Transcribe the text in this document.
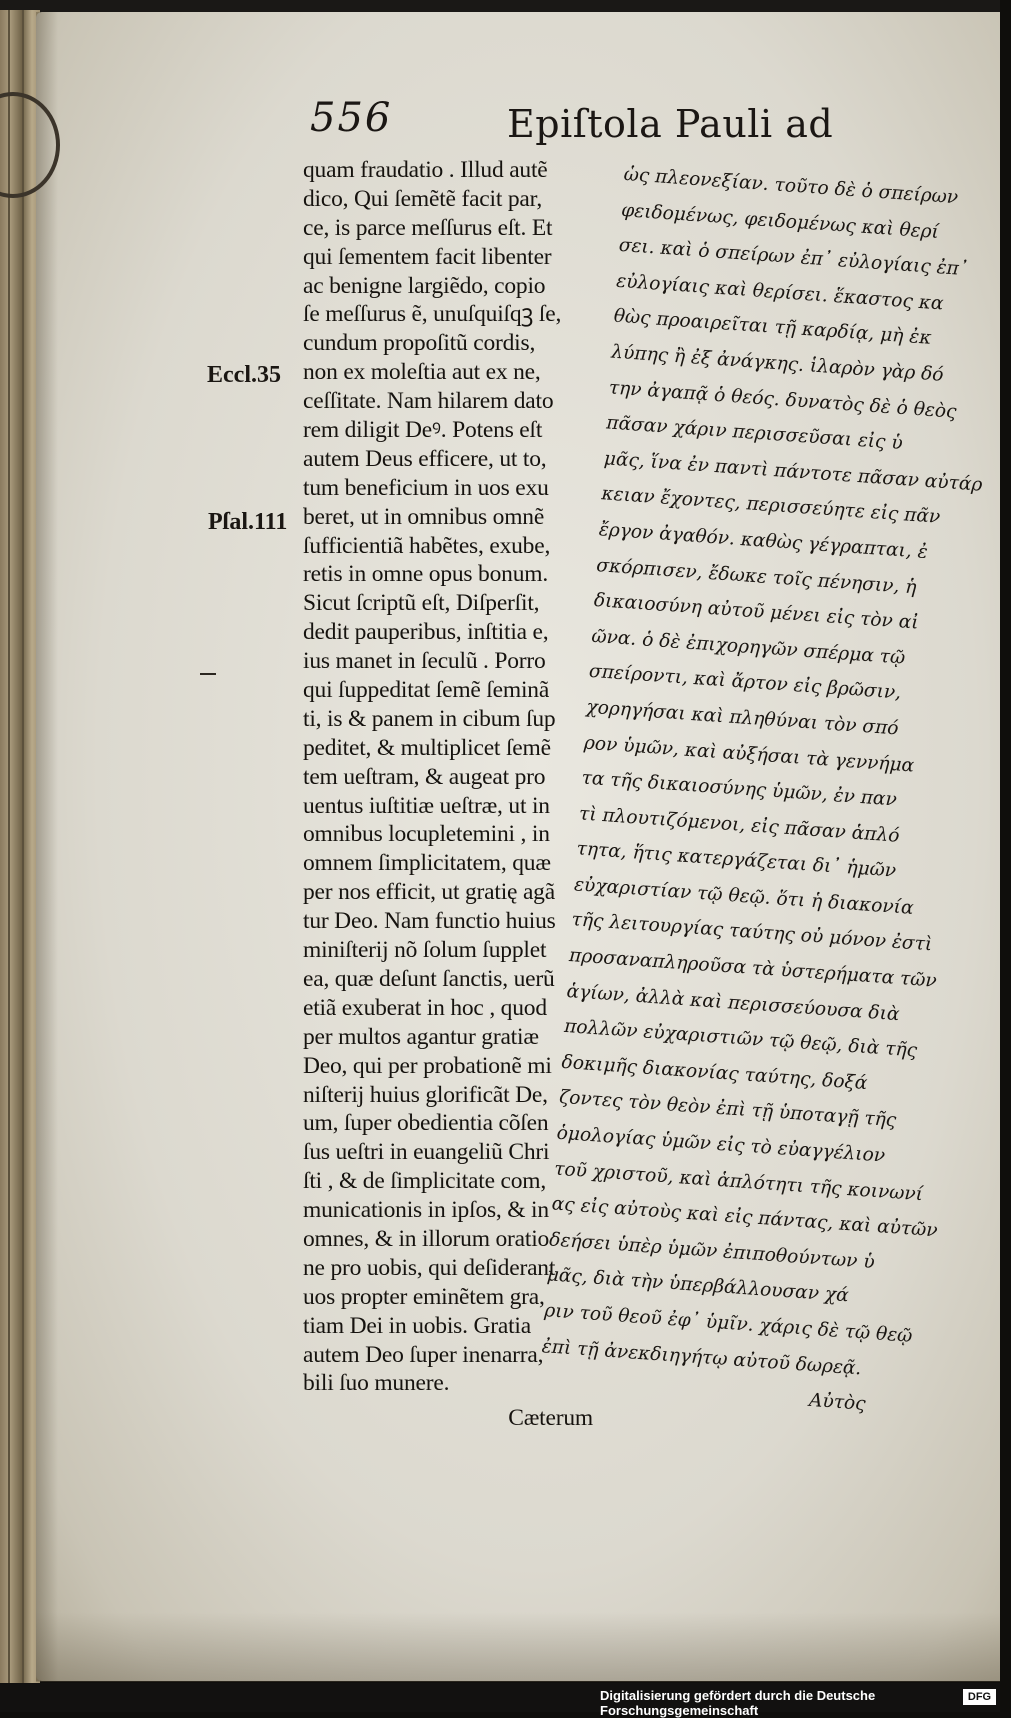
556	Epiſtola Pauli ad
Eccl.35
Pſal.111
quam fraudatio . Illud autẽ
dico, Qui ſemẽtẽ facit par,
ce, is parce meſſurus eſt. Et
qui ſementem facit libenter
ac benigne largiẽdo, copio
ſe meſſurus ẽ, unuſquiſqꝫ ſe,
cundum propoſitũ cordis,
non ex moleſtia aut ex ne,
ceſſitate. Nam hilarem dato
rem diligit Deꝰ. Potens eſt
autem Deus efficere, ut to,
tum beneficium in uos exu
beret, ut in omnibus omnẽ
ſufficientiã habẽtes, exube,
retis in omne opus bonum.
Sicut ſcriptũ eſt, Diſperſit,
dedit pauperibus, inſtitia e,
ius manet in ſeculũ . Porro
qui ſuppeditat ſemẽ ſeminã
ti, is & panem in cibum ſup
peditet, & multiplicet ſemẽ
tem ueſtram, & augeat pro
uentus iuſtitiæ ueſtræ, ut in
omnibus locupletemini , in
omnem ſimplicitatem, quæ
per nos efficit, ut gratię agã
tur Deo. Nam functio huius
miniſterij nõ ſolum ſupplet
ea, quæ deſunt ſanctis, uerũ
etiã exuberat in hoc , quod
per multos agantur gratiæ
Deo, qui per probationẽ mi
niſterij huius glorificãt De,
um, ſuper obedientia cõſen
ſus ueſtri in euangeliũ Chri
ſti , & de ſimplicitate com,
municationis in ipſos, & in
omnes, & in illorum oratio
ne pro uobis, qui deſiderant
uos propter eminẽtem gra,
tiam Dei in uobis. Gratia
autem Deo ſuper inenarra,
bili ſuo munere.
Cæterum
ὡς πλεονεξίαν. τοῦτο δὲ ὁ σπείρων
φειδομένως, φειδομένως καὶ θερί
σει. καὶ ὁ σπείρων ἐπ᾽ εὐλογίαις ἐπ᾽
εὐλογίαις καὶ θερίσει. ἕκαστος κα
θὼς προαιρεῖται τῇ καρδίᾳ, μὴ ἐκ
λύπης ἢ ἐξ ἀνάγκης. ἱλαρὸν γὰρ δό
την ἀγαπᾷ ὁ θεός. δυνατὸς δὲ ὁ θεὸς
πᾶσαν χάριν περισσεῦσαι εἰς ὑ
μᾶς, ἵνα ἐν παντὶ πάντοτε πᾶσαν αὐτάρ
κειαν ἔχοντες, περισσεύητε εἰς πᾶν
ἔργον ἀγαθόν. καθὼς γέγραπται, ἐ
σκόρπισεν, ἔδωκε τοῖς πένησιν, ἡ
δικαιοσύνη αὐτοῦ μένει εἰς τὸν αἰ
ῶνα. ὁ δὲ ἐπιχορηγῶν σπέρμα τῷ
σπείροντι, καὶ ἄρτον εἰς βρῶσιν,
χορηγήσαι καὶ πληθύναι τὸν σπό
ρον ὑμῶν, καὶ αὐξήσαι τὰ γεννήμα
τα τῆς δικαιοσύνης ὑμῶν, ἐν παν
τὶ πλουτιζόμενοι, εἰς πᾶσαν ἁπλό
τητα, ἥτις κατεργάζεται δι᾽ ἡμῶν
εὐχαριστίαν τῷ θεῷ. ὅτι ἡ διακονία
τῆς λειτουργίας ταύτης οὐ μόνον ἐστὶ
προσαναπληροῦσα τὰ ὑστερήματα τῶν
ἁγίων, ἀλλὰ καὶ περισσεύουσα διὰ
πολλῶν εὐχαριστιῶν τῷ θεῷ, διὰ τῆς
δοκιμῆς διακονίας ταύτης, δοξά
ζοντες τὸν θεὸν ἐπὶ τῇ ὑποταγῇ τῆς
ὁμολογίας ὑμῶν εἰς τὸ εὐαγγέλιον
τοῦ χριστοῦ, καὶ ἁπλότητι τῆς κοινωνί
ας εἰς αὐτοὺς καὶ εἰς πάντας, καὶ αὐτῶν
δεήσει ὑπὲρ ὑμῶν ἐπιποθούντων ὑ
μᾶς, διὰ τὴν ὑπερβάλλουσαν χά
ριν τοῦ θεοῦ ἐφ᾽ ὑμῖν. χάρις δὲ τῷ θεῷ
ἐπὶ τῇ ἀνεκδιηγήτῳ αὐτοῦ δωρεᾷ.
Αὐτὸς
Digitalisierung gefördert durch die Deutsche Forschungsgemeinschaft
DFG
